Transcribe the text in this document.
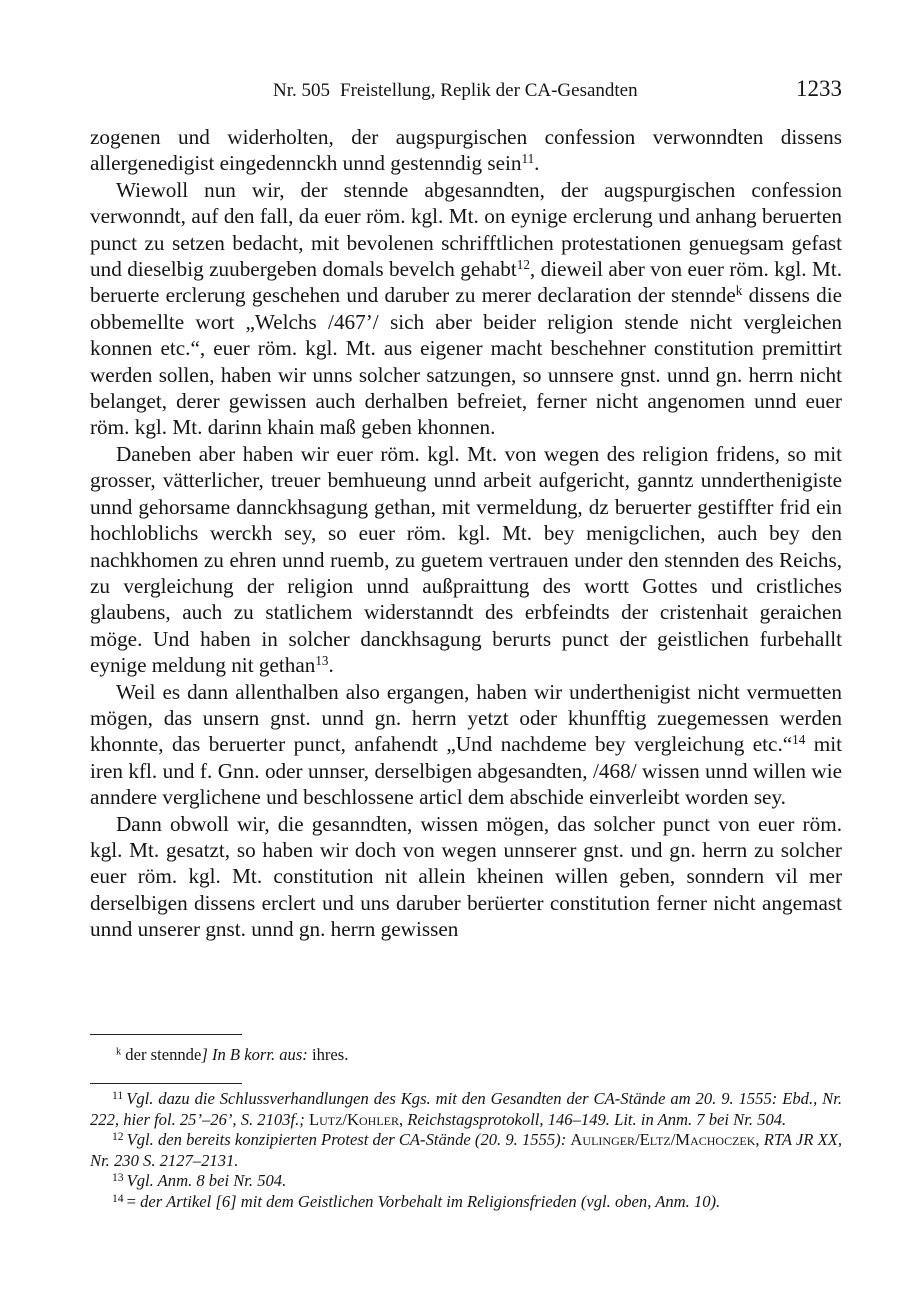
Nr. 505 Freistellung, Replik der CA-Gesandten	1233

zogenen und widerholten, der augspurgischen confession verwonndten dissens allergenedigist eingedennckh unnd gestenndig sein$^{11}$.

Wiewoll nun wir, der stennde abgesanndten, der augspurgischen confession verwonndt, auf den fall, da euer röm. kgl. Mt. on eynige erclerung und anhang beruerten punct zu setzen bedacht, mit bevolenen schrifftlichen protestationen genuegsam gefast und dieselbig zuubergeben domals bevelch gehabt$^{12}$, dieweil aber von euer röm. kgl. Mt. beruerte erclerung geschehen und daruber zu merer declaration der stennde$^k$ dissens die obbemellte wort „Welchs /467’/ sich aber beider religion stende nicht vergleichen konnen etc.“, euer röm. kgl. Mt. aus eigener macht beschehner constitution premittirt werden sollen, haben wir unns solcher satzungen, so unnsere gnst. unnd gn. herrn nicht belanget, derer gewissen auch derhalben befreiet, ferner nicht angenomen unnd euer röm. kgl. Mt. darinn khain maß geben khonnen.

Daneben aber haben wir euer röm. kgl. Mt. von wegen des religion fridens, so mit grosser, vätterlicher, treuer bemhueung unnd arbeit aufgericht, ganntz unnderthenigiste unnd gehorsame dannckhsagung gethan, mit vermeldung, dz beruerter gestiffter frid ein hochloblichs werckh sey, so euer röm. kgl. Mt. bey menigclichen, auch bey den nachkhomen zu ehren unnd ruemb, zu guetem vertrauen under den stennden des Reichs, zu vergleichung der religion unnd außpraittung des wortt Gottes und cristliches glaubens, auch zu statlichem widerstanndt des erbfeindts der cristenhait geraichen möge. Und haben in solcher danckhsagung berurts punct der geistlichen furbehallt eynige meldung nit gethan$^{13}$.

Weil es dann allenthalben also ergangen, haben wir underthenigist nicht vermuetten mögen, das unsern gnst. unnd gn. herrn yetzt oder khunfftig zuegemessen werden khonnte, das beruerter punct, anfahendt „Und nachdeme bey vergleichung etc.“$^{14}$ mit iren kfl. und f. Gnn. oder unnser, derselbigen abgesandten, /468/ wissen unnd willen wie anndere verglichene und beschlossene articl dem abschide einverleibt worden sey.

Dann obwoll wir, die gesanndten, wissen mögen, das solcher punct von euer röm. kgl. Mt. gesatzt, so haben wir doch von wegen unnserer gnst. und gn. herrn zu solcher euer röm. kgl. Mt. constitution nit allein kheinen willen geben, sonndern vil mer derselbigen dissens erclert und uns daruber berüerter constitution ferner nicht angemast unnd unserer gnst. unnd gn. herrn gewissen

$^k$ der stennde] In B korr. aus: ihres.

$^{11}$ Vgl. dazu die Schlussverhandlungen des Kgs. mit den Gesandten der CA-Stände am 20. 9. 1555: Ebd., Nr. 222, hier fol. 25’–26’, S. 2103f.; Lutz/Kohler, Reichstagsprotokoll, 146–149. Lit. in Anm. 7 bei Nr. 504.

$^{12}$ Vgl. den bereits konzipierten Protest der CA-Stände (20. 9. 1555): Aulinger/Eltz/Machoczek, RTA JR XX, Nr. 230 S. 2127–2131.

$^{13}$ Vgl. Anm. 8 bei Nr. 504.

$^{14}$ = der Artikel [6] mit dem Geistlichen Vorbehalt im Religionsfrieden (vgl. oben, Anm. 10).
